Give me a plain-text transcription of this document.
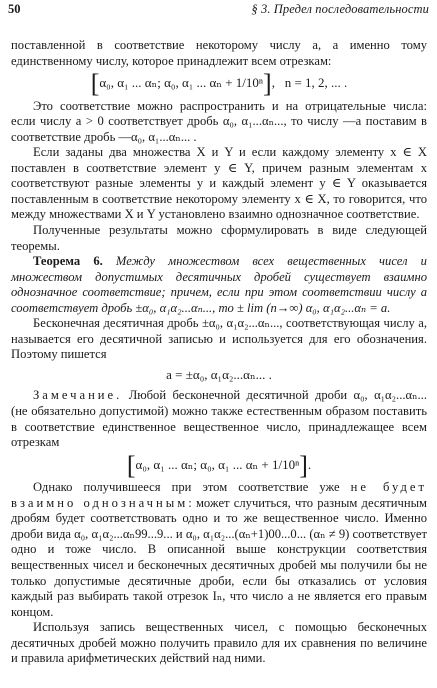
50	§ 3. Предел последовательности

поставленной в соответствие некоторому числу a, а именно тому единственному числу, которое принадлежит всем отрезкам:

[α₀, α₁ ... αₙ; α₀, α₁ ... αₙ + 1/10ⁿ],   n = 1, 2, ... .

Это соответствие можно распространить и на отрицательные числа: если числу a > 0 соответствует дробь α₀, α₁...αₙ..., то числу —a поставим в соответствие дробь —α₀, α₁...αₙ... .

Если заданы два множества X и Y и если каждому элементу x ∈ X поставлен в соответствие элемент y ∈ Y, причем разным элементам x соответствуют разные элементы y и каждый элемент y ∈ Y оказывается поставленным в соответствие некоторому элементу x ∈ X, то говорится, что между множествами X и Y установлено взаимно однозначное соответствие.

Полученные результаты можно сформулировать в виде следующей теоремы.

Теорема 6. Между множеством всех вещественных чисел и множеством допустимых десятичных дробей существует взаимно однозначное соответствие; причем, если при этом соответствии числу a соответствует дробь ±α₀, α₁α₂...αₙ..., то ± lim (n→∞) α₀, α₁α₂...αₙ = a.

Бесконечная десятичная дробь ±α₀, α₁α₂...αₙ..., соответствующая числу a, называется его десятичной записью и используется для его обозначения. Поэтому пишется

a = ±α₀, α₁α₂...αₙ... .

Замечание. Любой бесконечной десятичной дроби α₀, α₁α₂...αₙ... (не обязательно допустимой) можно также естественным образом поставить в соответствие единственное вещественное число, принадлежащее всем отрезкам

[α₀, α₁ ... αₙ; α₀, α₁ ... αₙ + 1/10ⁿ].

Однако получившееся при этом соответствие уже не будет взаимно однозначным: может случиться, что разным десятичным дробям будет соответствовать одно и то же вещественное число. Именно дроби вида α₀, α₁α₂...αₙ99...9... и α₀, α₁α₂...(αₙ+1)00...0... (αₙ ≠ 9) соответствует одно и тоже число. В описанной выше конструкции соответствия вещественных чисел и бесконечных десятичных дробей мы получили бы не только допустимые десятичные дроби, если бы отказались от условия каждый раз выбирать такой отрезок Iₙ, что число a не является его правым концом.

Используя запись вещественных чисел, с помощью бесконечных десятичных дробей можно получить правило для их сравнения по величине и правила арифметических действий над ними.
